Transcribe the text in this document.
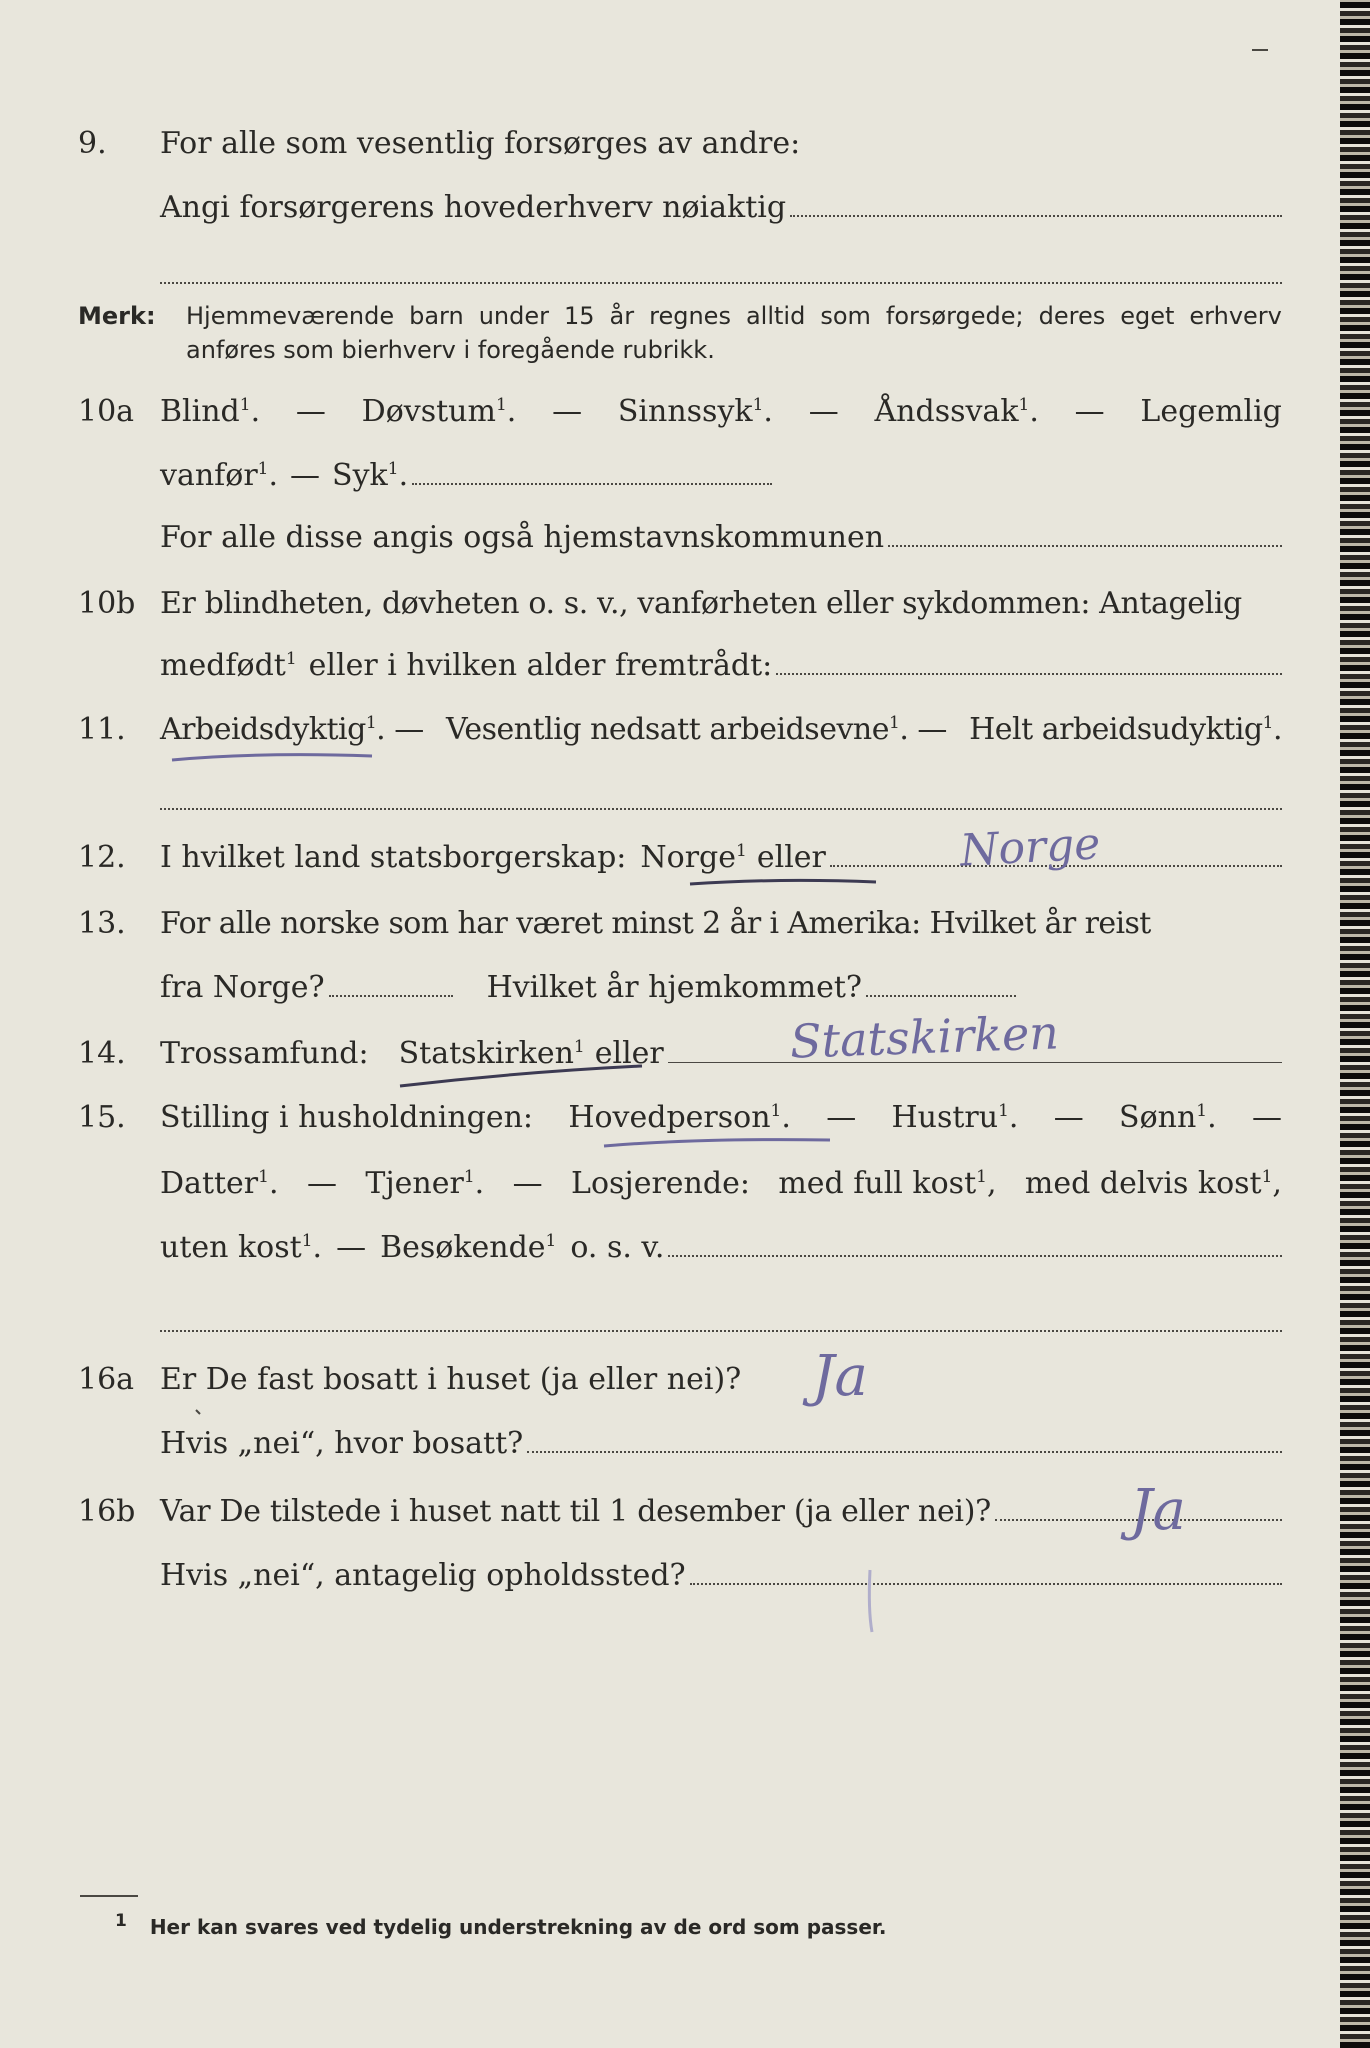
9. For alle som vesentlig forsørges av andre:
Angi forsørgerens hovederhverv nøiaktig
Merk: Hjemmeværende barn under 15 år regnes alltid som forsørgede; deres eget erhverv
anføres som bierhverv i foregående rubrikk.
10a Blind$^1$. — Døvstum$^1$. — Sinnssyk$^1$. — Åndssvak$^1$. — Legemlig
vanfør$^1$. — Syk$^1$.
For alle disse angis også hjemstavnskommunen
10b Er blindheten, døvheten o. s. v., vanførheten eller sykdommen: Antagelig
medfødt$^1$ eller i hvilken alder fremtrådt:
11. Arbeidsdyktig$^1$. — Vesentlig nedsatt arbeidsevne$^1$. — Helt arbeidsudyktig$^1$.
12. I hvilket land statsborgerskap: Norge$^1$ eller
13. For alle norske som har været minst 2 år i Amerika: Hvilket år reist
fra Norge?	Hvilket år hjemkommet?
14. Trossamfund: Statskirken$^1$ eller
15. Stilling i husholdningen: Hovedperson$^1$. — Hustru$^1$. — Sønn$^1$. —
Datter$^1$. — Tjener$^1$. — Losjerende: med full kost$^1$, med delvis kost$^1$,
uten kost$^1$. — Besøkende$^1$ o. s. v.
16a Er De fast bosatt i huset (ja eller nei)?
Hvis „nei“, hvor bosatt?
16b Var De tilstede i huset natt til 1 desember (ja eller nei)?
Hvis „nei“, antagelig opholdssted?
$^1$ Her kan svares ved tydelig understrekning av de ord som passer.
Norge
Statskirken
Ja
Ja
